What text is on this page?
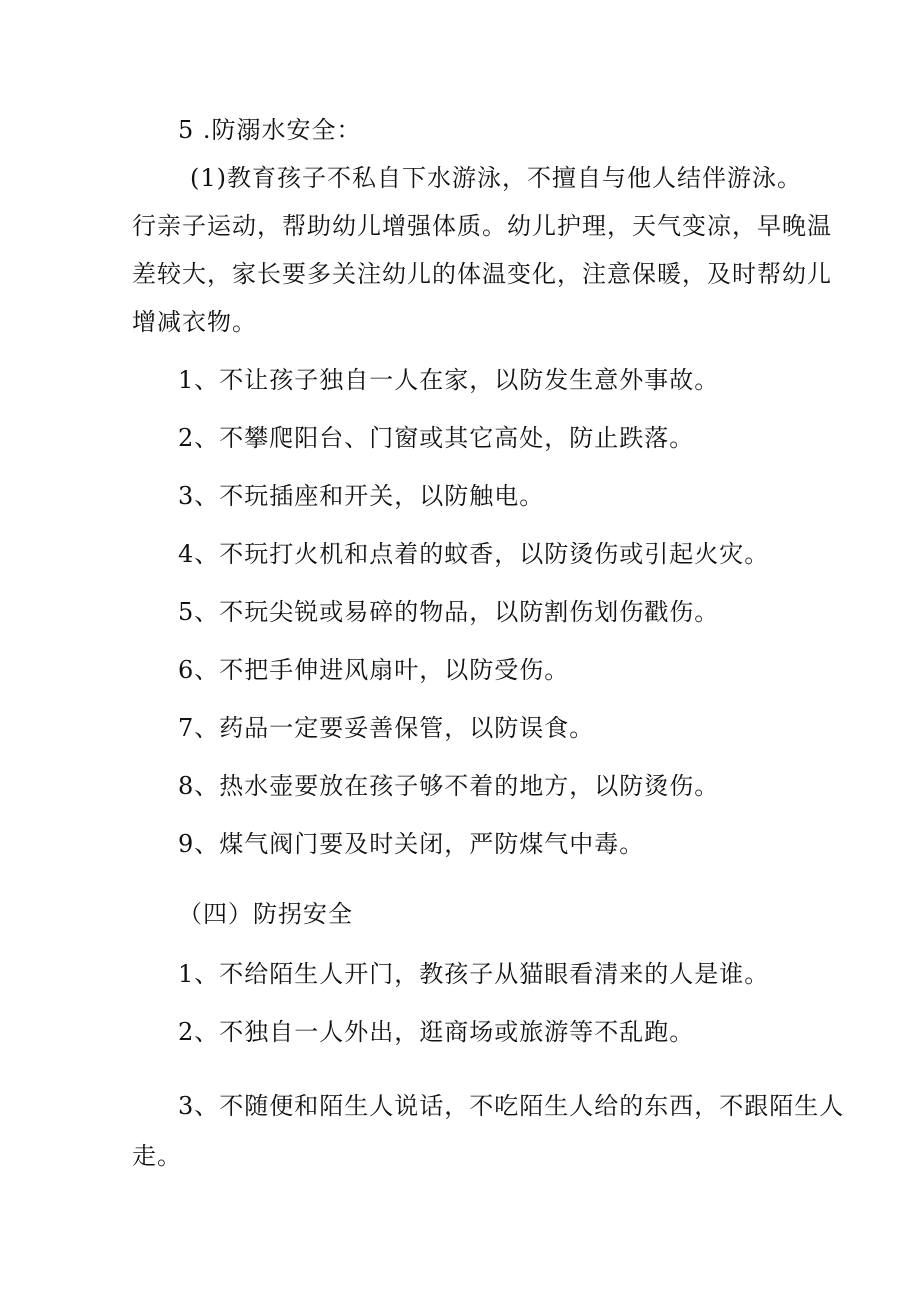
5 .防溺水安全：
(1)教育孩子不私自下水游泳，不擅自与他人结伴游泳。
行亲子运动，帮助幼儿增强体质。幼儿护理，天气变凉，早晚温
差较大，家长要多关注幼儿的体温变化，注意保暖，及时帮幼儿
增减衣物。
1、不让孩子独自一人在家，以防发生意外事故。
2、不攀爬阳台、门窗或其它高处，防止跌落。
3、不玩插座和开关，以防触电。
4、不玩打火机和点着的蚊香，以防烫伤或引起火灾。
5、不玩尖锐或易碎的物品，以防割伤划伤戳伤。
6、不把手伸进风扇叶，以防受伤。
7、药品一定要妥善保管，以防误食。
8、热水壶要放在孩子够不着的地方，以防烫伤。
9、煤气阀门要及时关闭，严防煤气中毒。
（四）防拐安全
1、不给陌生人开门，教孩子从猫眼看清来的人是谁。
2、不独自一人外出，逛商场或旅游等不乱跑。
3、不随便和陌生人说话，不吃陌生人给的东西，不跟陌生人
走。
